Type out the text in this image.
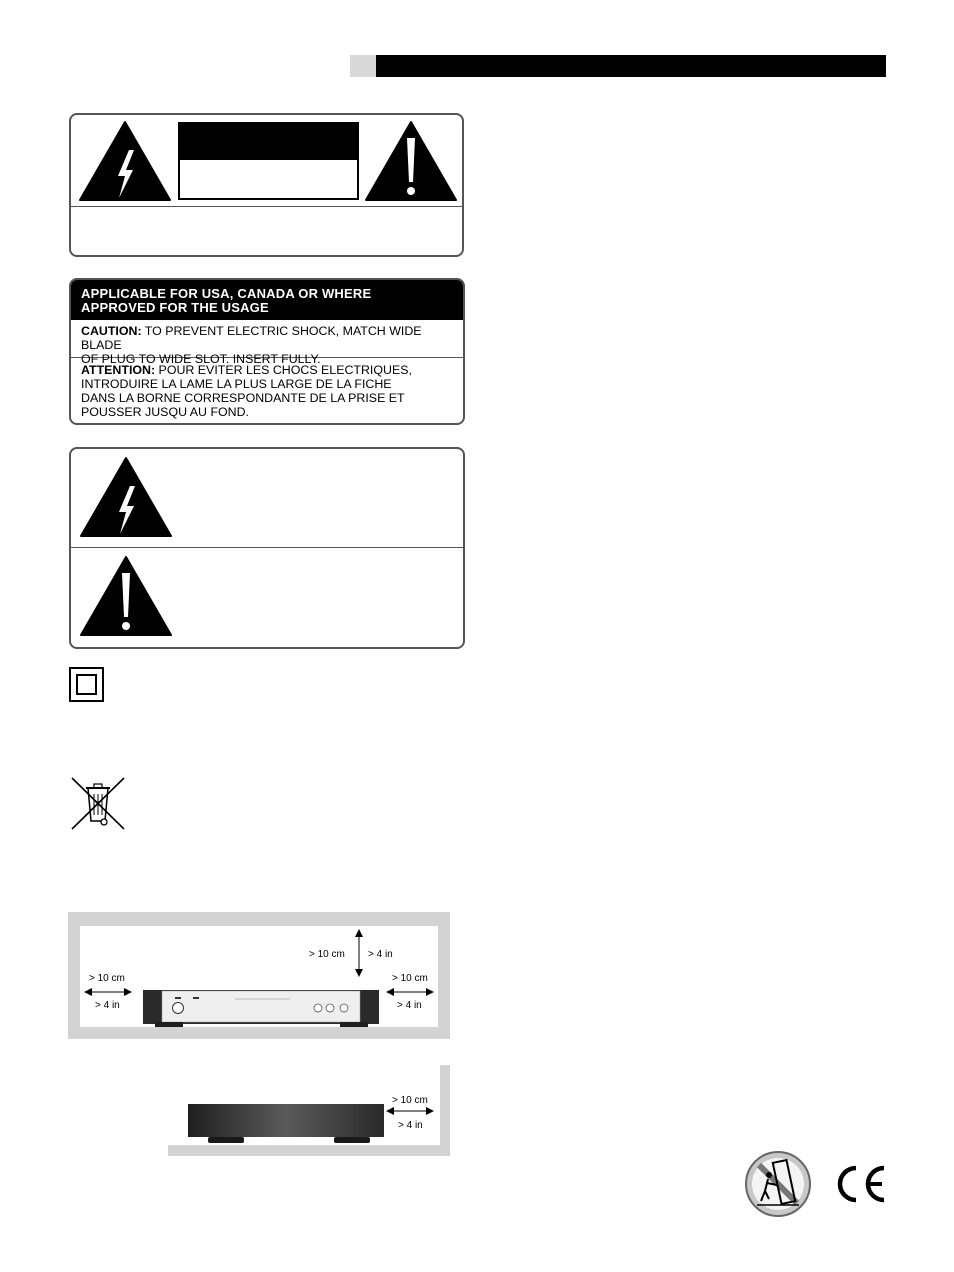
APPLICABLE FOR USA, CANADA OR WHERE
APPROVED FOR THE USAGE
CAUTION: TO PREVENT ELECTRIC SHOCK, MATCH WIDE BLADE
OF PLUG TO WIDE SLOT. INSERT FULLY.
ATTENTION: POUR EVITER LES CHOCS ELECTRIQUES,
INTRODUIRE LA LAME LA PLUS LARGE DE LA FICHE
DANS LA BORNE CORRESPONDANTE DE LA PRISE ET
POUSSER JUSQU AU FOND.
> 10 cm > 4 in
> 10 cm
> 4 in
> 10 cm
> 4 in
> 10 cm
> 4 in
